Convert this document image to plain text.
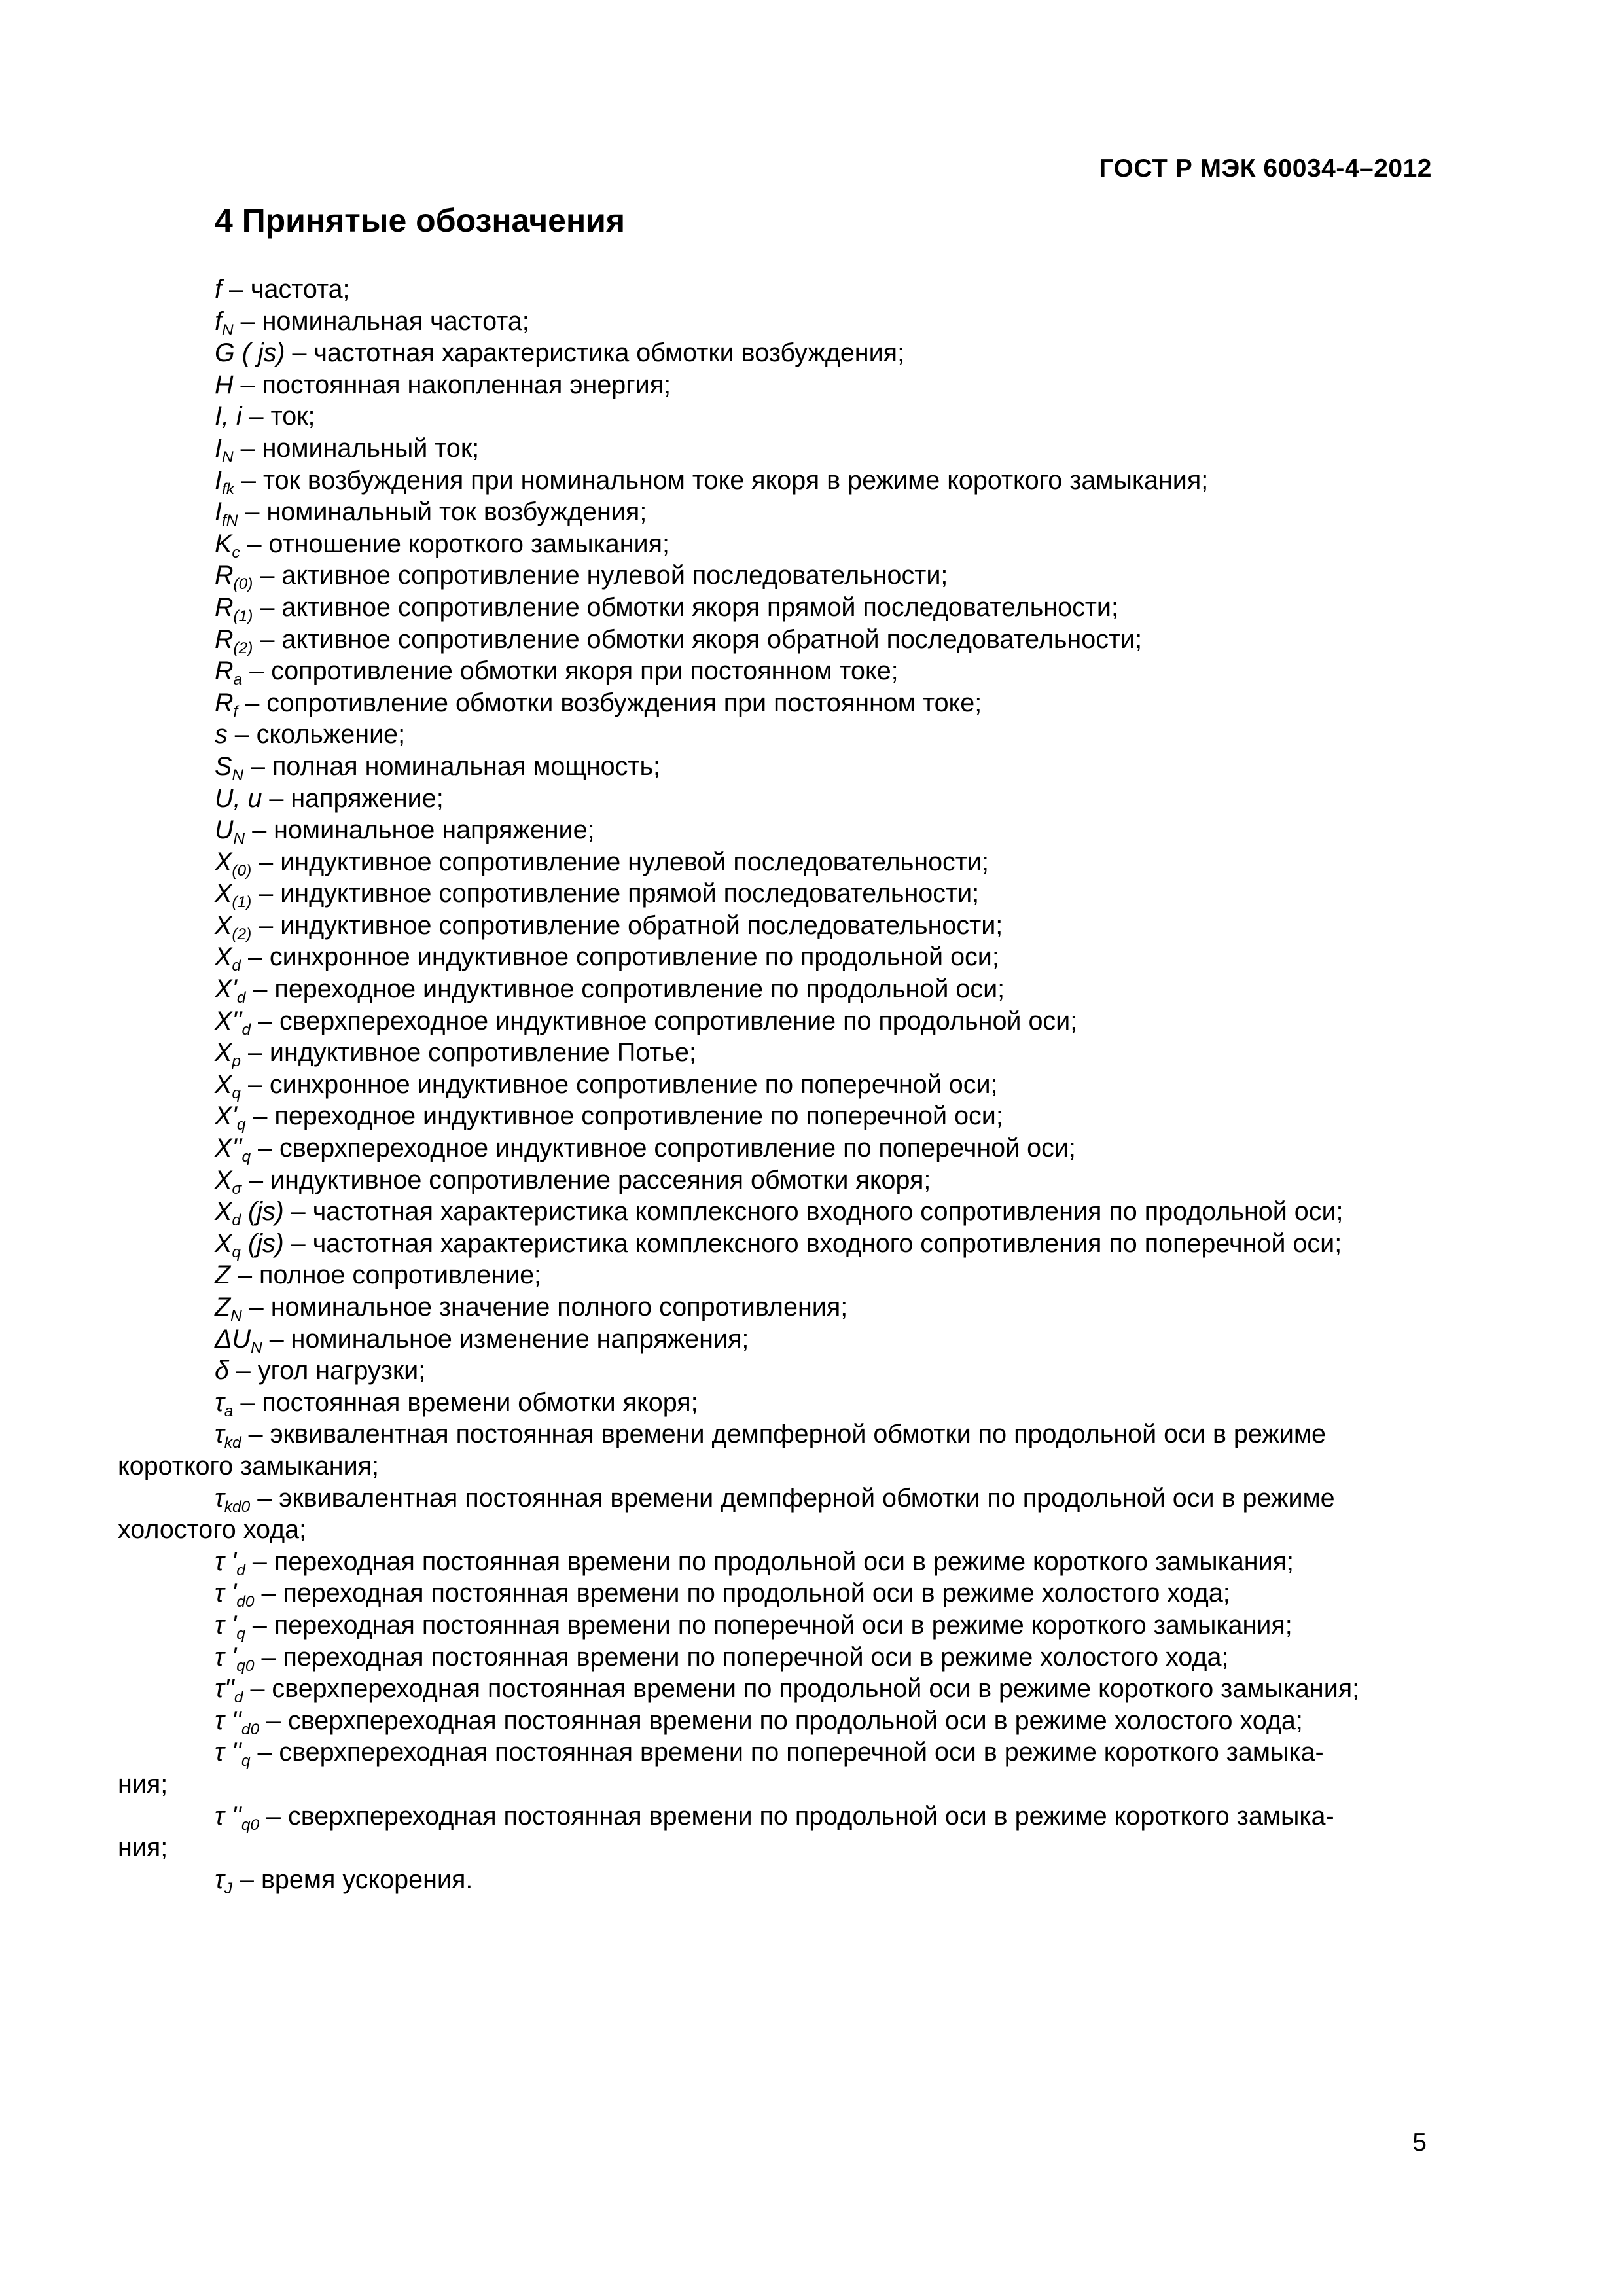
ГОСТ Р МЭК 60034-4–2012
4 Принятые обозначения
f – частота;
$f_N$ – номинальная частота;
G ( js) – частотная характеристика обмотки возбуждения;
H – постоянная накопленная энергия;
I, i – ток;
$I_N$ – номинальный ток;
$I_{fk}$ – ток возбуждения при номинальном токе якоря в режиме короткого замыкания;
$I_{fN}$ – номинальный ток возбуждения;
$K_c$ – отношение короткого замыкания;
$R_{(0)}$ – активное сопротивление нулевой последовательности;
$R_{(1)}$ – активное сопротивление обмотки якоря прямой последовательности;
$R_{(2)}$ – активное сопротивление обмотки якоря обратной последовательности;
$R_a$ – сопротивление обмотки якоря при постоянном токе;
$R_f$ – сопротивление обмотки возбуждения при постоянном токе;
s – скольжение;
$S_N$ – полная номинальная мощность;
U, u – напряжение;
$U_N$ – номинальное напряжение;
$X_{(0)}$ – индуктивное сопротивление нулевой последовательности;
$X_{(1)}$ – индуктивное сопротивление прямой последовательности;
$X_{(2)}$ – индуктивное сопротивление обратной последовательности;
$X_d$ – синхронное индуктивное сопротивление по продольной оси;
$X'_d$ – переходное индуктивное сопротивление по продольной оси;
$X''_d$ – сверхпереходное индуктивное сопротивление по продольной оси;
$X_p$ – индуктивное сопротивление Потье;
$X_q$ – синхронное индуктивное сопротивление по поперечной оси;
$X'_q$ – переходное индуктивное сопротивление по поперечной оси;
$X''_q$ – сверхпереходное индуктивное сопротивление по поперечной оси;
$X_\sigma$ – индуктивное сопротивление рассеяния обмотки якоря;
$X_d$ (js) – частотная характеристика комплексного входного сопротивления по продольной оси;
$X_q$ (js) – частотная характеристика комплексного входного сопротивления по поперечной оси;
Z – полное сопротивление;
$Z_N$ – номинальное значение полного сопротивления;
$\Delta U_N$ – номинальное изменение напряжения;
δ – угол нагрузки;
$\tau_a$ – постоянная времени обмотки якоря;
$\tau_{kd}$ – эквивалентная постоянная времени демпферной обмотки по продольной оси в режиме
короткого замыкания;
$\tau_{kd0}$ – эквивалентная постоянная времени демпферной обмотки по продольной оси в режиме
холостого хода;
τ '$_d$ – переходная постоянная времени по продольной оси в режиме короткого замыкания;
τ '$_{d0}$ – переходная постоянная времени по продольной оси в режиме холостого хода;
τ '$_q$ – переходная постоянная времени по поперечной оси в режиме короткого замыкания;
τ '$_{q0}$ – переходная постоянная времени по поперечной оси в режиме холостого хода;
$\tau''_d$ – сверхпереходная постоянная времени по продольной оси в режиме короткого замыкания;
τ ''$_{d0}$ – сверхпереходная постоянная времени по продольной оси в режиме холостого хода;
τ ''$_q$ – сверхпереходная постоянная времени по поперечной оси в режиме короткого замыка-
ния;
τ ''$_{q0}$ – сверхпереходная постоянная времени по продольной оси в режиме короткого замыка-
ния;
$\tau_J$ – время ускорения.
5
